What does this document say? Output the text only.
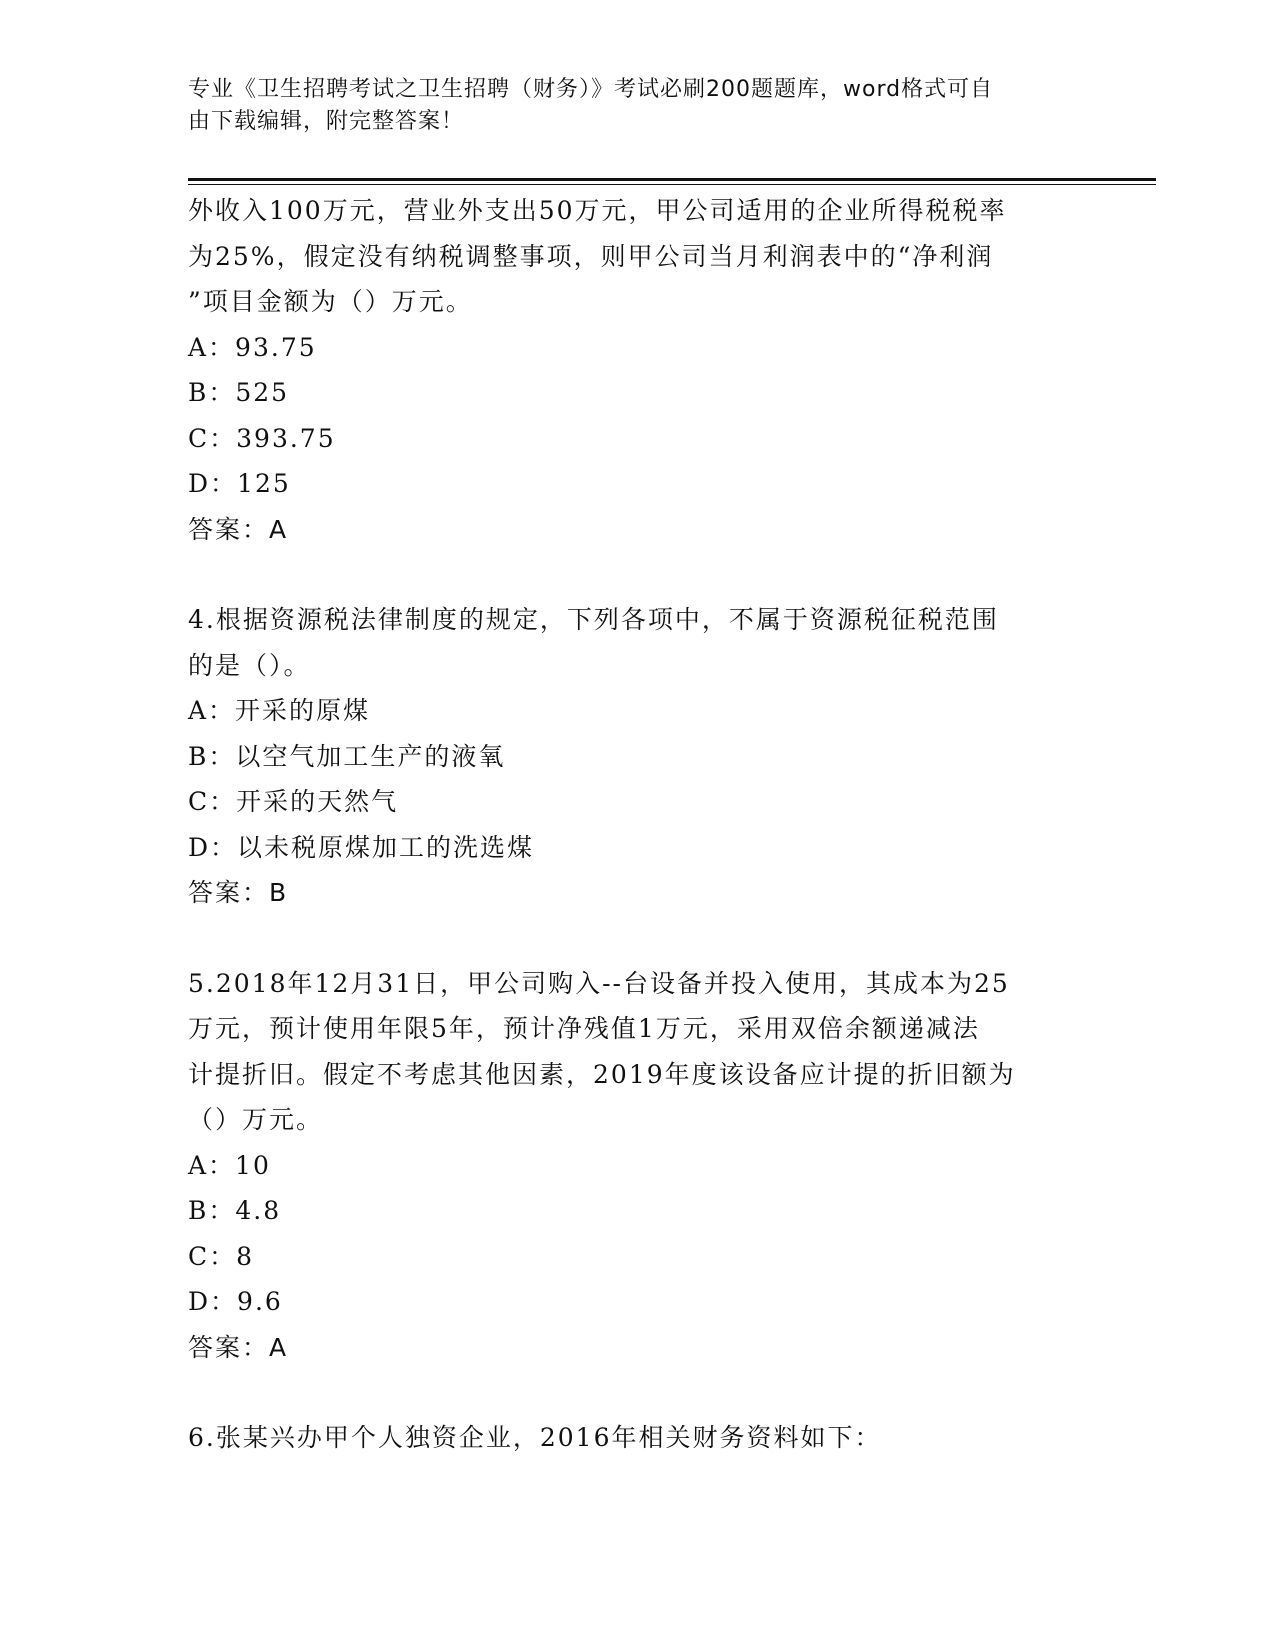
专业《卫生招聘考试之卫生招聘（财务）》考试必刷200题题库，word格式可自
由下载编辑，附完整答案！
外收入100万元，营业外支出50万元，甲公司适用的企业所得税税率
为25%，假定没有纳税调整事项，则甲公司当月利润表中的“净利润
”项目金额为（）万元。
A：93.75
B：525
C：393.75
D：125
答案：A
4.根据资源税法律制度的规定，下列各项中，不属于资源税征税范围
的是（）。
A：开采的原煤
B：以空气加工生产的液氧
C：开采的天然气
D：以未税原煤加工的洗选煤
答案：B
5.2018年12月31日，甲公司购入--台设备并投入使用，其成本为25
万元，预计使用年限5年，预计净残值1万元，采用双倍余额递减法
计提折旧。假定不考虑其他因素，2019年度该设备应计提的折旧额为
（）万元。
A：10
B：4.8
C：8
D：9.6
答案：A
6.张某兴办甲个人独资企业，2016年相关财务资料如下：
